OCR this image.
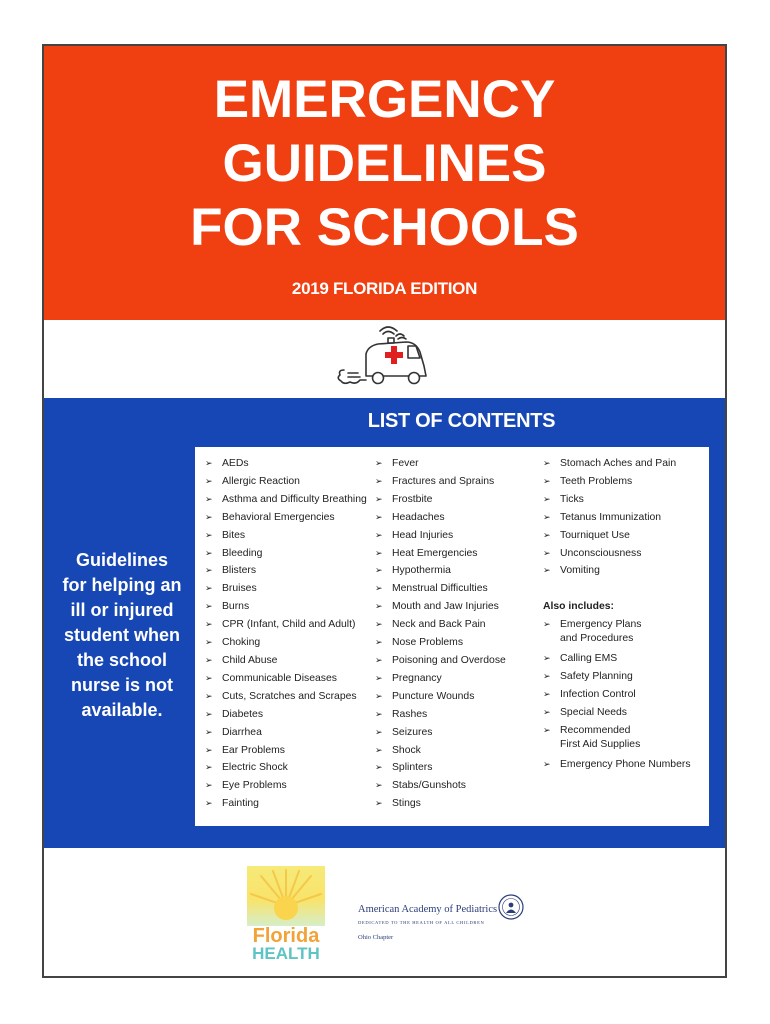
EMERGENCY
GUIDELINES
FOR SCHOOLS
2019 FLORIDA EDITION
LIST OF CONTENTS
Guidelines
for helping an
ill or injured
student when
the school
nurse is not
available.
➢ AEDs
➢ Allergic Reaction
➢ Asthma and Difficulty Breathing
➢ Behavioral Emergencies
➢ Bites
➢ Bleeding
➢ Blisters
➢ Bruises
➢ Burns
➢ CPR (Infant, Child and Adult)
➢ Choking
➢ Child Abuse
➢ Communicable Diseases
➢ Cuts, Scratches and Scrapes
➢ Diabetes
➢ Diarrhea
➢ Ear Problems
➢ Electric Shock
➢ Eye Problems
➢ Fainting
➢ Fever
➢ Fractures and Sprains
➢ Frostbite
➢ Headaches
➢ Head Injuries
➢ Heat Emergencies
➢ Hypothermia
➢ Menstrual Difficulties
➢ Mouth and Jaw Injuries
➢ Neck and Back Pain
➢ Nose Problems
➢ Poisoning and Overdose
➢ Pregnancy
➢ Puncture Wounds
➢ Rashes
➢ Seizures
➢ Shock
➢ Splinters
➢ Stabs/Gunshots
➢ Stings
➢ Stomach Aches and Pain
➢ Teeth Problems
➢ Ticks
➢ Tetanus Immunization
➢ Tourniquet Use
➢ Unconsciousness
➢ Vomiting
Also includes:
➢ Emergency Plans
and Procedures
➢ Calling EMS
➢ Safety Planning
➢ Infection Control
➢ Special Needs
➢ Recommended
First Aid Supplies
➢ Emergency Phone Numbers
Florida
HEALTH
American Academy of Pediatrics
DEDICATED TO THE HEALTH OF ALL CHILDREN
Ohio Chapter
